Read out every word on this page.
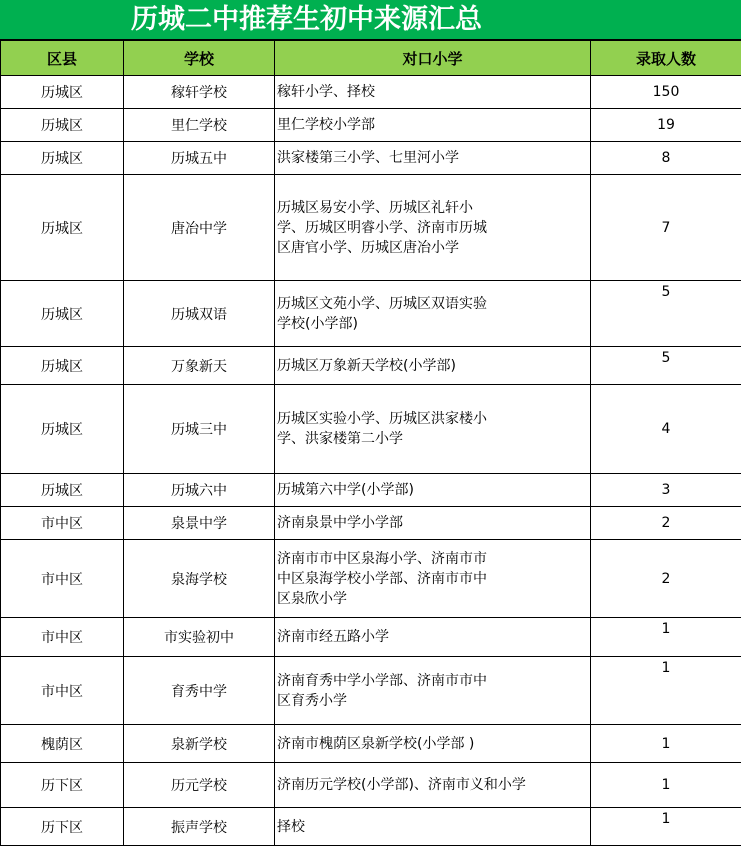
历城二中推荐生初中来源汇总
区县	学校	对口小学	录取人数
历城区	稼轩学校	稼轩小学、择校	150
历城区	里仁学校	里仁学校小学部	19
历城区	历城五中	洪家楼第三小学、七里河小学	8
历城区	唐冶中学	历城区易安小学、历城区礼轩小学、历城区明睿小学、济南市历城区唐官小学、历城区唐冶小学	7
历城区	历城双语	历城区文苑小学、历城区双语实验学校(小学部)	5
历城区	万象新天	历城区万象新天学校(小学部)	5
历城区	历城三中	历城区实验小学、历城区洪家楼小学、洪家楼第二小学	4
历城区	历城六中	历城第六中学(小学部)	3
市中区	泉景中学	济南泉景中学小学部	2
市中区	泉海学校	济南市市中区泉海小学、济南市市中区泉海学校小学部、济南市市中区泉欣小学	2
市中区	市实验初中	济南市经五路小学	1
市中区	育秀中学	济南育秀中学小学部、济南市市中区育秀小学	1
槐荫区	泉新学校	济南市槐荫区泉新学校(小学部 )	1
历下区	历元学校	济南历元学校(小学部)、济南市义和小学	1
历下区	振声学校	择校	1
